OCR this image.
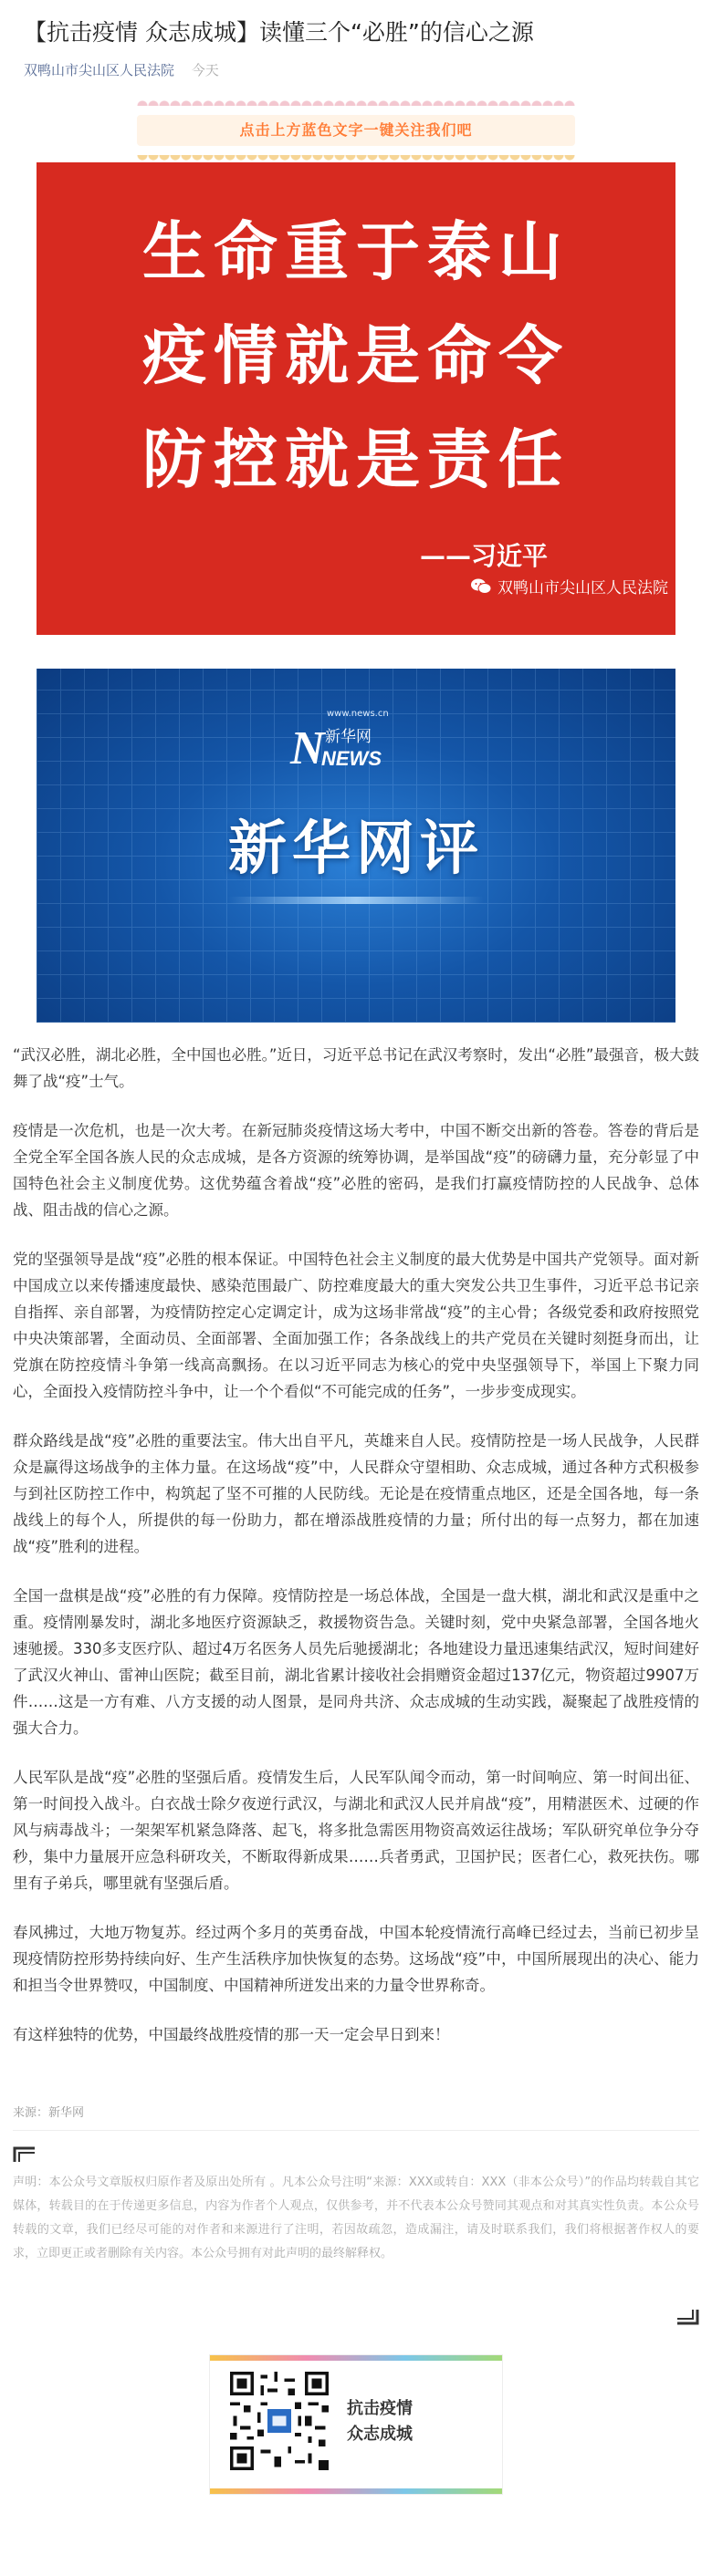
【抗击疫情 众志成城】读懂三个“必胜”的信心之源
双鸭山市尖山区人民法院 今天
点击上方蓝色文字一键关注我们吧
生命重于泰山
疫情就是命令
防控就是责任
——习近平
双鸭山市尖山区人民法院
www.news.cn
N 新华网
NEWS
新华网评

“武汉必胜，湖北必胜，全中国也必胜。”近日，习近平总书记在武汉考察时，发出“必胜”最强音，极大鼓舞了战“疫”士气。

疫情是一次危机，也是一次大考。在新冠肺炎疫情这场大考中，中国不断交出新的答卷。答卷的背后是全党全军全国各族人民的众志成城，是各方资源的统筹协调，是举国战“疫”的磅礴力量，充分彰显了中国特色社会主义制度优势。这优势蕴含着战“疫”必胜的密码，是我们打赢疫情防控的人民战争、总体战、阻击战的信心之源。

党的坚强领导是战“疫”必胜的根本保证。中国特色社会主义制度的最大优势是中国共产党领导。面对新中国成立以来传播速度最快、感染范围最广、防控难度最大的重大突发公共卫生事件，习近平总书记亲自指挥、亲自部署，为疫情防控定心定调定计，成为这场非常战“疫”的主心骨；各级党委和政府按照党中央决策部署，全面动员、全面部署、全面加强工作；各条战线上的共产党员在关键时刻挺身而出，让党旗在防控疫情斗争第一线高高飘扬。在以习近平同志为核心的党中央坚强领导下，举国上下聚力同心，全面投入疫情防控斗争中，让一个个看似“不可能完成的任务”，一步步变成现实。

群众路线是战“疫”必胜的重要法宝。伟大出自平凡，英雄来自人民。疫情防控是一场人民战争，人民群众是赢得这场战争的主体力量。在这场战“疫”中，人民群众守望相助、众志成城，通过各种方式积极参与到社区防控工作中，构筑起了坚不可摧的人民防线。无论是在疫情重点地区，还是全国各地，每一条战线上的每个人，所提供的每一份助力，都在增添战胜疫情的力量；所付出的每一点努力，都在加速战“疫”胜利的进程。

全国一盘棋是战“疫”必胜的有力保障。疫情防控是一场总体战，全国是一盘大棋，湖北和武汉是重中之重。疫情刚暴发时，湖北多地医疗资源缺乏，救援物资告急。关键时刻，党中央紧急部署，全国各地火速驰援。330多支医疗队、超过4万名医务人员先后驰援湖北；各地建设力量迅速集结武汉，短时间建好了武汉火神山、雷神山医院；截至目前，湖北省累计接收社会捐赠资金超过137亿元，物资超过9907万件……这是一方有难、八方支援的动人图景，是同舟共济、众志成城的生动实践，凝聚起了战胜疫情的强大合力。

人民军队是战“疫”必胜的坚强后盾。疫情发生后，人民军队闻令而动，第一时间响应、第一时间出征、第一时间投入战斗。白衣战士除夕夜逆行武汉，与湖北和武汉人民并肩战“疫”，用精湛医术、过硬的作风与病毒战斗；一架架军机紧急降落、起飞，将多批急需医用物资高效运往战场；军队研究单位争分夺秒，集中力量展开应急科研攻关，不断取得新成果……兵者勇武，卫国护民；医者仁心，救死扶伤。哪里有子弟兵，哪里就有坚强后盾。

春风拂过，大地万物复苏。经过两个多月的英勇奋战，中国本轮疫情流行高峰已经过去，当前已初步呈现疫情防控形势持续向好、生产生活秩序加快恢复的态势。这场战“疫”中，中国所展现出的决心、能力和担当令世界赞叹，中国制度、中国精神所迸发出来的力量令世界称奇。

有这样独特的优势，中国最终战胜疫情的那一天一定会早日到来！

来源：新华网
声明：本公众号文章版权归原作者及原出处所有 。凡本公众号注明“来源：XXX或转自：XXX（非本公众号）”的作品均转载自其它媒体，转载目的在于传递更多信息，内容为作者个人观点，仅供参考，并不代表本公众号赞同其观点和对其真实性负责。本公众号转载的文章，我们已经尽可能的对作者和来源进行了注明，若因故疏忽，造成漏注，请及时联系我们，我们将根据著作权人的要求，立即更正或者删除有关内容。本公众号拥有对此声明的最终解释权。
抗击疫情
众志成城
